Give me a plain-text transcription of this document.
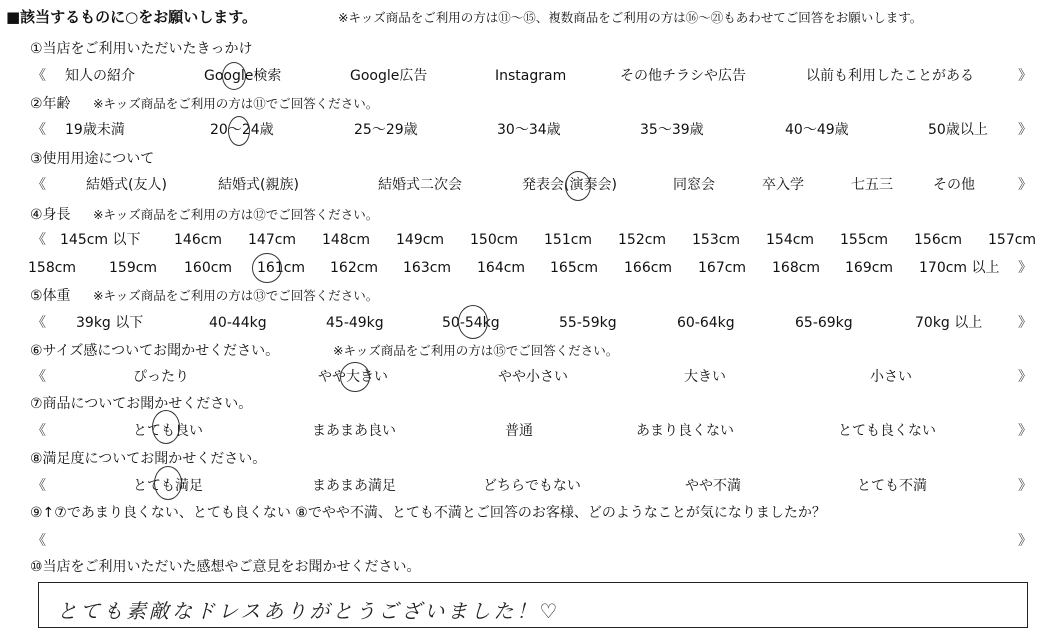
■該当するものに○をお願いします。	※キッズ商品をご利用の方は⑪～⑮、複数商品をご利用の方は⑯～㉑もあわせてご回答をお願いします。
①当店をご利用いただいたきっかけ
《 知人の紹介	Google検索	Google広告	Instagram	その他チラシや広告	以前も利用したことがある	》
②年齢 ※キッズ商品をご利用の方は⑪でご回答ください。
《 19歳未満	20～24歳	25～29歳	30～34歳	35～39歳	40～49歳	50歳以上 》
③使用用途について
《	結婚式(友人)	結婚式(親族)	結婚式二次会	発表会(演奏会)	同窓会	卒入学	七五三	その他	》
④身長 ※キッズ商品をご利用の方は⑫でご回答ください。
《 145cm 以下 146cm 147cm 148cm 149cm 150cm 151cm 152cm 153cm 154cm 155cm 156cm 157cm
158cm 159cm 160cm 161cm 162cm 163cm 164cm 165cm 166cm 167cm 168cm 169cm 170cm 以上 》
⑤体重 ※キッズ商品をご利用の方は⑬でご回答ください。
《 39kg 以下	40-44kg	45-49kg	50-54kg	55-59kg	60-64kg	65-69kg	70kg 以上	》
⑥サイズ感についてお聞かせください。	※キッズ商品をご利用の方は⑮でご回答ください。
《	ぴったり	やや大きい	やや小さい	大きい	小さい	》
⑦商品についてお聞かせください。
《	とても良い	まあまあ良い	普通	あまり良くない	とても良くない	》
⑧満足度についてお聞かせください。
《	とても満足	まあまあ満足	どちらでもない	やや不満	とても不満	》
⑨↑⑦であまり良くない、とても良くない ⑧でやや不満、とても不満とご回答のお客様、どのようなことが気になりましたか？
《	》
⑩当店をご利用いただいた感想やご意見をお聞かせください。
とても素敵なドレスありがとうございました！♡
